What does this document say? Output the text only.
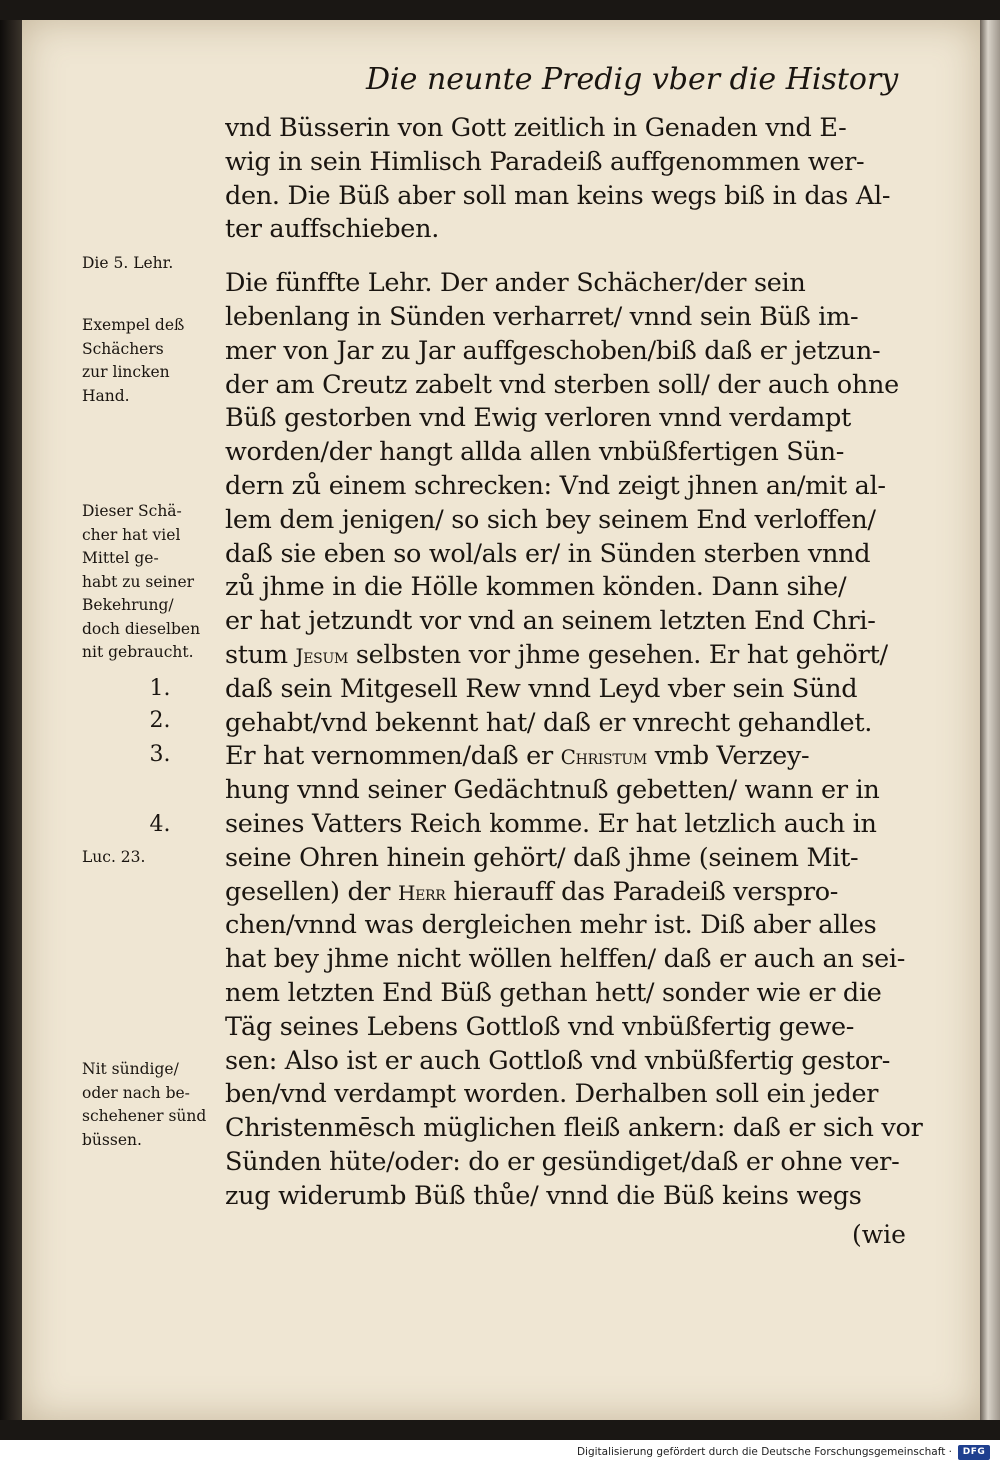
Die neunte Predig vber die History
vnd Büsserin von Gott zeitlich in Genaden vnd E-
wig in sein Himlisch Paradeiß auffgenommen wer-
den. Die Büß aber soll man keins wegs biß in das Al-
ter auffschieben.
Die fünffte Lehr. Der ander Schächer/der sein
lebenlang in Sünden verharret/ vnnd sein Büß im-
mer von Jar zu Jar auffgeschoben/biß daß er jetzun-
der am Creutz zabelt vnd sterben soll/ der auch ohne
Büß gestorben vnd Ewig verloren vnnd verdampt
worden/der hangt allda allen vnbüßfertigen Sün-
dern zů einem schrecken: Vnd zeigt jhnen an/mit al-
lem dem jenigen/ so sich bey seinem End verloffen/
daß sie eben so wol/als er/ in Sünden sterben vnnd
zů jhme in die Hölle kommen könden. Dann sihe/
er hat jetzundt vor vnd an seinem letzten End Chri-
stum Jesum selbsten vor jhme gesehen. Er hat gehört/
daß sein Mitgesell Rew vnnd Leyd vber sein Sünd
gehabt/vnd bekennt hat/ daß er vnrecht gehandlet.
Er hat vernommen/daß er Christum vmb Verzey-
hung vnnd seiner Gedächtnuß gebetten/ wann er in
seines Vatters Reich komme. Er hat letzlich auch in
seine Ohren hinein gehört/ daß jhme (seinem Mit-
gesellen) der Herr hierauff das Paradeiß verspro-
chen/vnnd was dergleichen mehr ist. Diß aber alles
hat bey jhme nicht wöllen helffen/ daß er auch an sei-
nem letzten End Büß gethan hett/ sonder wie er die
Täg seines Lebens Gottloß vnd vnbüßfertig gewe-
sen: Also ist er auch Gottloß vnd vnbüßfertig gestor-
ben/vnd verdampt worden. Derhalben soll ein jeder
Christenmēsch müglichen fleiß ankern: daß er sich vor
Sünden hüte/oder: do er gesündiget/daß er ohne ver-
zug widerumb Büß thůe/ vnnd die Büß keins wegs
Die 5. Lehr.
Exempel deß
Schächers
zur lincken
Hand.
Dieser Schä-
cher hat viel
Mittel ge-
habt zu seiner
Bekehrung/
doch dieselben
nit gebraucht.
Luc. 23.
Nit sündige/
oder nach be-
schehener sünd
büssen.
1.
2.
3.
4.
(wie
Digitalisierung gefördert durch die Deutsche Forschungsgemeinschaft ·	DFG
